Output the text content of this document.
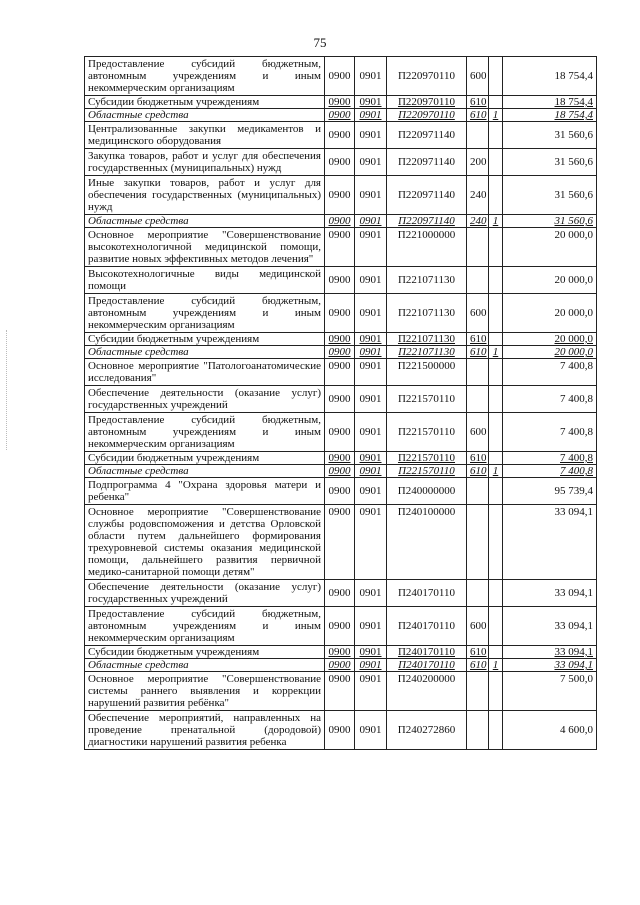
75
Предоставление субсидий бюджетным, автономным учреждениям и иным некоммерческим организациям	0900	0901	П220970110	600		18 754,4
Субсидии бюджетным учреждениям	0900	0901	П220970110	610		18 754,4
Областные средства	0900	0901	П220970110	610	1	18 754,4
Централизованные закупки медикаментов и медицинского оборудования	0900	0901	П220971140			31 560,6
Закупка товаров, работ и услуг для обеспечения государственных (муниципальных) нужд	0900	0901	П220971140	200		31 560,6
Иные закупки товаров, работ и услуг для обеспечения государственных (муниципальных) нужд	0900	0901	П220971140	240		31 560,6
Областные средства	0900	0901	П220971140	240	1	31 560,6
Основное мероприятие "Совершенствование высокотехнологичной медицинской помощи, развитие новых эффективных методов лечения"	0900	0901	П221000000			20 000,0
Высокотехнологичные виды медицинской помощи	0900	0901	П221071130			20 000,0
Предоставление субсидий бюджетным, автономным учреждениям и иным некоммерческим организациям	0900	0901	П221071130	600		20 000,0
Субсидии бюджетным учреждениям	0900	0901	П221071130	610		20 000,0
Областные средства	0900	0901	П221071130	610	1	20 000,0
Основное мероприятие "Патологоанатомические исследования"	0900	0901	П221500000			7 400,8
Обеспечение деятельности (оказание услуг) государственных учреждений	0900	0901	П221570110			7 400,8
Предоставление субсидий бюджетным, автономным учреждениям и иным некоммерческим организациям	0900	0901	П221570110	600		7 400,8
Субсидии бюджетным учреждениям	0900	0901	П221570110	610		7 400,8
Областные средства	0900	0901	П221570110	610	1	7 400,8
Подпрограмма 4 "Охрана здоровья матери и ребенка"	0900	0901	П240000000			95 739,4
Основное мероприятие "Совершенствование службы родовспоможения и детства Орловской области путем дальнейшего формирования трехуровневой системы оказания медицинской помощи, дальнейшего развития первичной медико-санитарной помощи детям"	0900	0901	П240100000			33 094,1
Обеспечение деятельности (оказание услуг) государственных учреждений	0900	0901	П240170110			33 094,1
Предоставление субсидий бюджетным, автономным учреждениям и иным некоммерческим организациям	0900	0901	П240170110	600		33 094,1
Субсидии бюджетным учреждениям	0900	0901	П240170110	610		33 094,1
Областные средства	0900	0901	П240170110	610	1	33 094,1
Основное мероприятие "Совершенствование системы раннего выявления и коррекции нарушений развития ребёнка"	0900	0901	П240200000			7 500,0
Обеспечение мероприятий, направленных на проведение пренатальной (дородовой) диагностики нарушений развития ребенка	0900	0901	П240272860			4 600,0
